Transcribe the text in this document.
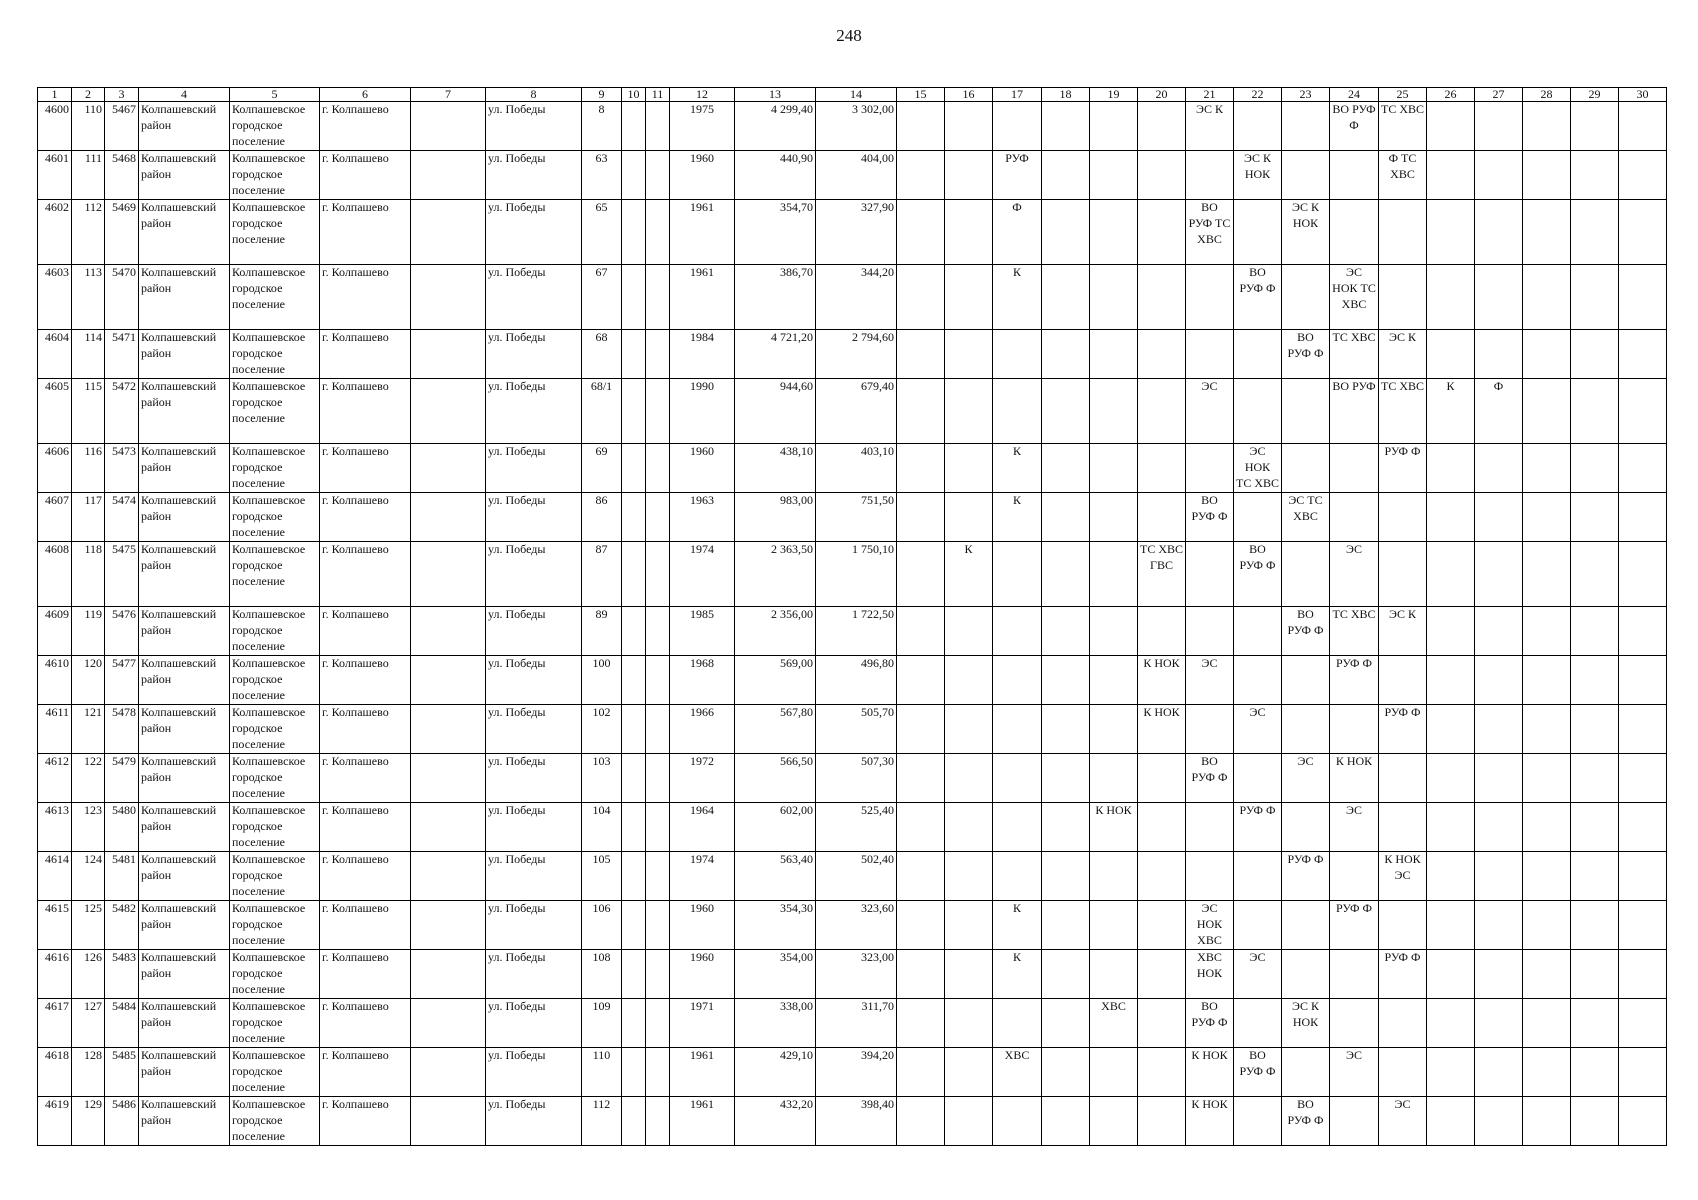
248
1	2	3	4	5	6	7	8	9	10	11	12	13	14	15	16	17	18	19	20	21	22	23	24	25	26	27	28	29	30
4600	110	5467	Колпашевский район	Колпашевское городское поселение	г. Колпашево		ул. Победы	8			1975	4 299,40	3 302,00							ЭС К			ВО РУФ Ф	ТС ХВС					
4601	111	5468	Колпашевский район	Колпашевское городское поселение	г. Колпашево		ул. Победы	63			1960	440,90	404,00			РУФ					ЭС К НОК			Ф ТС ХВС					
4602	112	5469	Колпашевский район	Колпашевское городское поселение	г. Колпашево		ул. Победы	65			1961	354,70	327,90			Ф				ВО РУФ ТС ХВС		ЭС К НОК							
4603	113	5470	Колпашевский район	Колпашевское городское поселение	г. Колпашево		ул. Победы	67			1961	386,70	344,20			К					ВО РУФ Ф		ЭС НОК ТС ХВС						
4604	114	5471	Колпашевский район	Колпашевское городское поселение	г. Колпашево		ул. Победы	68			1984	4 721,20	2 794,60									ВО РУФ Ф	ТС ХВС	ЭС К					
4605	115	5472	Колпашевский район	Колпашевское городское поселение	г. Колпашево		ул. Победы	68/1			1990	944,60	679,40							ЭС			ВО РУФ	ТС ХВС	К	Ф			
4606	116	5473	Колпашевский район	Колпашевское городское поселение	г. Колпашево		ул. Победы	69			1960	438,10	403,10			К					ЭС НОК ТС ХВС			РУФ Ф					
4607	117	5474	Колпашевский район	Колпашевское городское поселение	г. Колпашево		ул. Победы	86			1963	983,00	751,50			К				ВО РУФ Ф		ЭС ТС ХВС							
4608	118	5475	Колпашевский район	Колпашевское городское поселение	г. Колпашево		ул. Победы	87			1974	2 363,50	1 750,10		К				ТС ХВС ГВС		ВО РУФ Ф		ЭС						
4609	119	5476	Колпашевский район	Колпашевское городское поселение	г. Колпашево		ул. Победы	89			1985	2 356,00	1 722,50									ВО РУФ Ф	ТС ХВС	ЭС К					
4610	120	5477	Колпашевский район	Колпашевское городское поселение	г. Колпашево		ул. Победы	100			1968	569,00	496,80						К НОК	ЭС			РУФ Ф						
4611	121	5478	Колпашевский район	Колпашевское городское поселение	г. Колпашево		ул. Победы	102			1966	567,80	505,70						К НОК		ЭС			РУФ Ф					
4612	122	5479	Колпашевский район	Колпашевское городское поселение	г. Колпашево		ул. Победы	103			1972	566,50	507,30							ВО РУФ Ф		ЭС	К НОК						
4613	123	5480	Колпашевский район	Колпашевское городское поселение	г. Колпашево		ул. Победы	104			1964	602,00	525,40					К НОК			РУФ Ф		ЭС						
4614	124	5481	Колпашевский район	Колпашевское городское поселение	г. Колпашево		ул. Победы	105			1974	563,40	502,40									РУФ Ф		К НОК ЭС					
4615	125	5482	Колпашевский район	Колпашевское городское поселение	г. Колпашево		ул. Победы	106			1960	354,30	323,60			К				ЭС НОК ХВС			РУФ Ф						
4616	126	5483	Колпашевский район	Колпашевское городское поселение	г. Колпашево		ул. Победы	108			1960	354,00	323,00			К				ХВС НОК	ЭС			РУФ Ф					
4617	127	5484	Колпашевский район	Колпашевское городское поселение	г. Колпашево		ул. Победы	109			1971	338,00	311,70					ХВС		ВО РУФ Ф		ЭС К НОК							
4618	128	5485	Колпашевский район	Колпашевское городское поселение	г. Колпашево		ул. Победы	110			1961	429,10	394,20			ХВС				К НОК	ВО РУФ Ф		ЭС						
4619	129	5486	Колпашевский район	Колпашевское городское поселение	г. Колпашево		ул. Победы	112			1961	432,20	398,40							К НОК		ВО РУФ Ф		ЭС					
